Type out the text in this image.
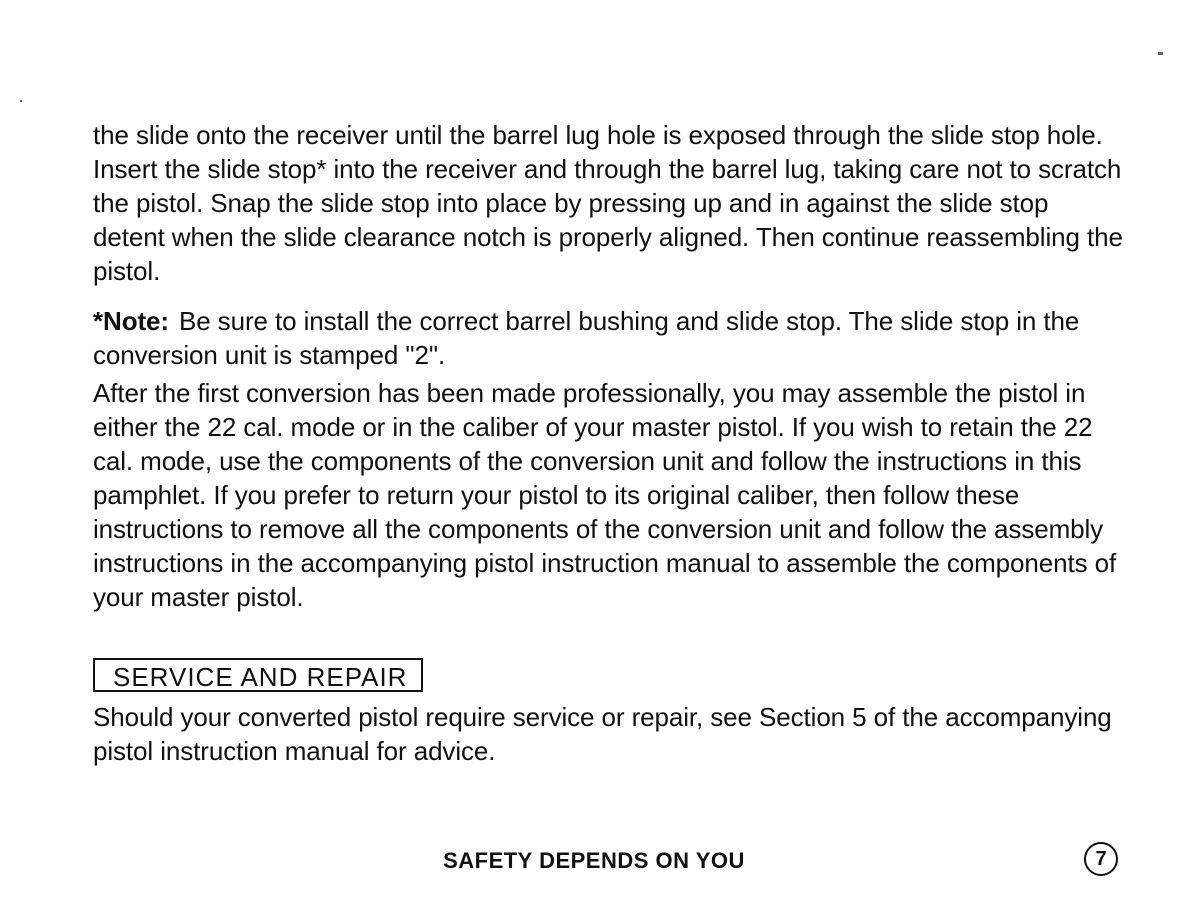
the slide onto the receiver until the barrel lug hole is exposed through the slide stop hole. Insert the slide stop* into the receiver and through the barrel lug, taking care not to scratch the pistol. Snap the slide stop into place by pressing up and in against the slide stop detent when the slide clearance notch is properly aligned. Then continue reassembling the pistol.

*Note: Be sure to install the correct barrel bushing and slide stop. The slide stop in the conversion unit is stamped "2".

After the first conversion has been made professionally, you may assemble the pistol in either the 22 cal. mode or in the caliber of your master pistol. If you wish to retain the 22 cal. mode, use the components of the conversion unit and follow the instructions in this pamphlet. If you prefer to return your pistol to its original caliber, then follow these instructions to remove all the components of the conversion unit and follow the assembly instructions in the accompanying pistol instruction manual to assemble the components of your master pistol.

SERVICE AND REPAIR

Should your converted pistol require service or repair, see Section 5 of the accompanying pistol instruction manual for advice.

SAFETY DEPENDS ON YOU	7
